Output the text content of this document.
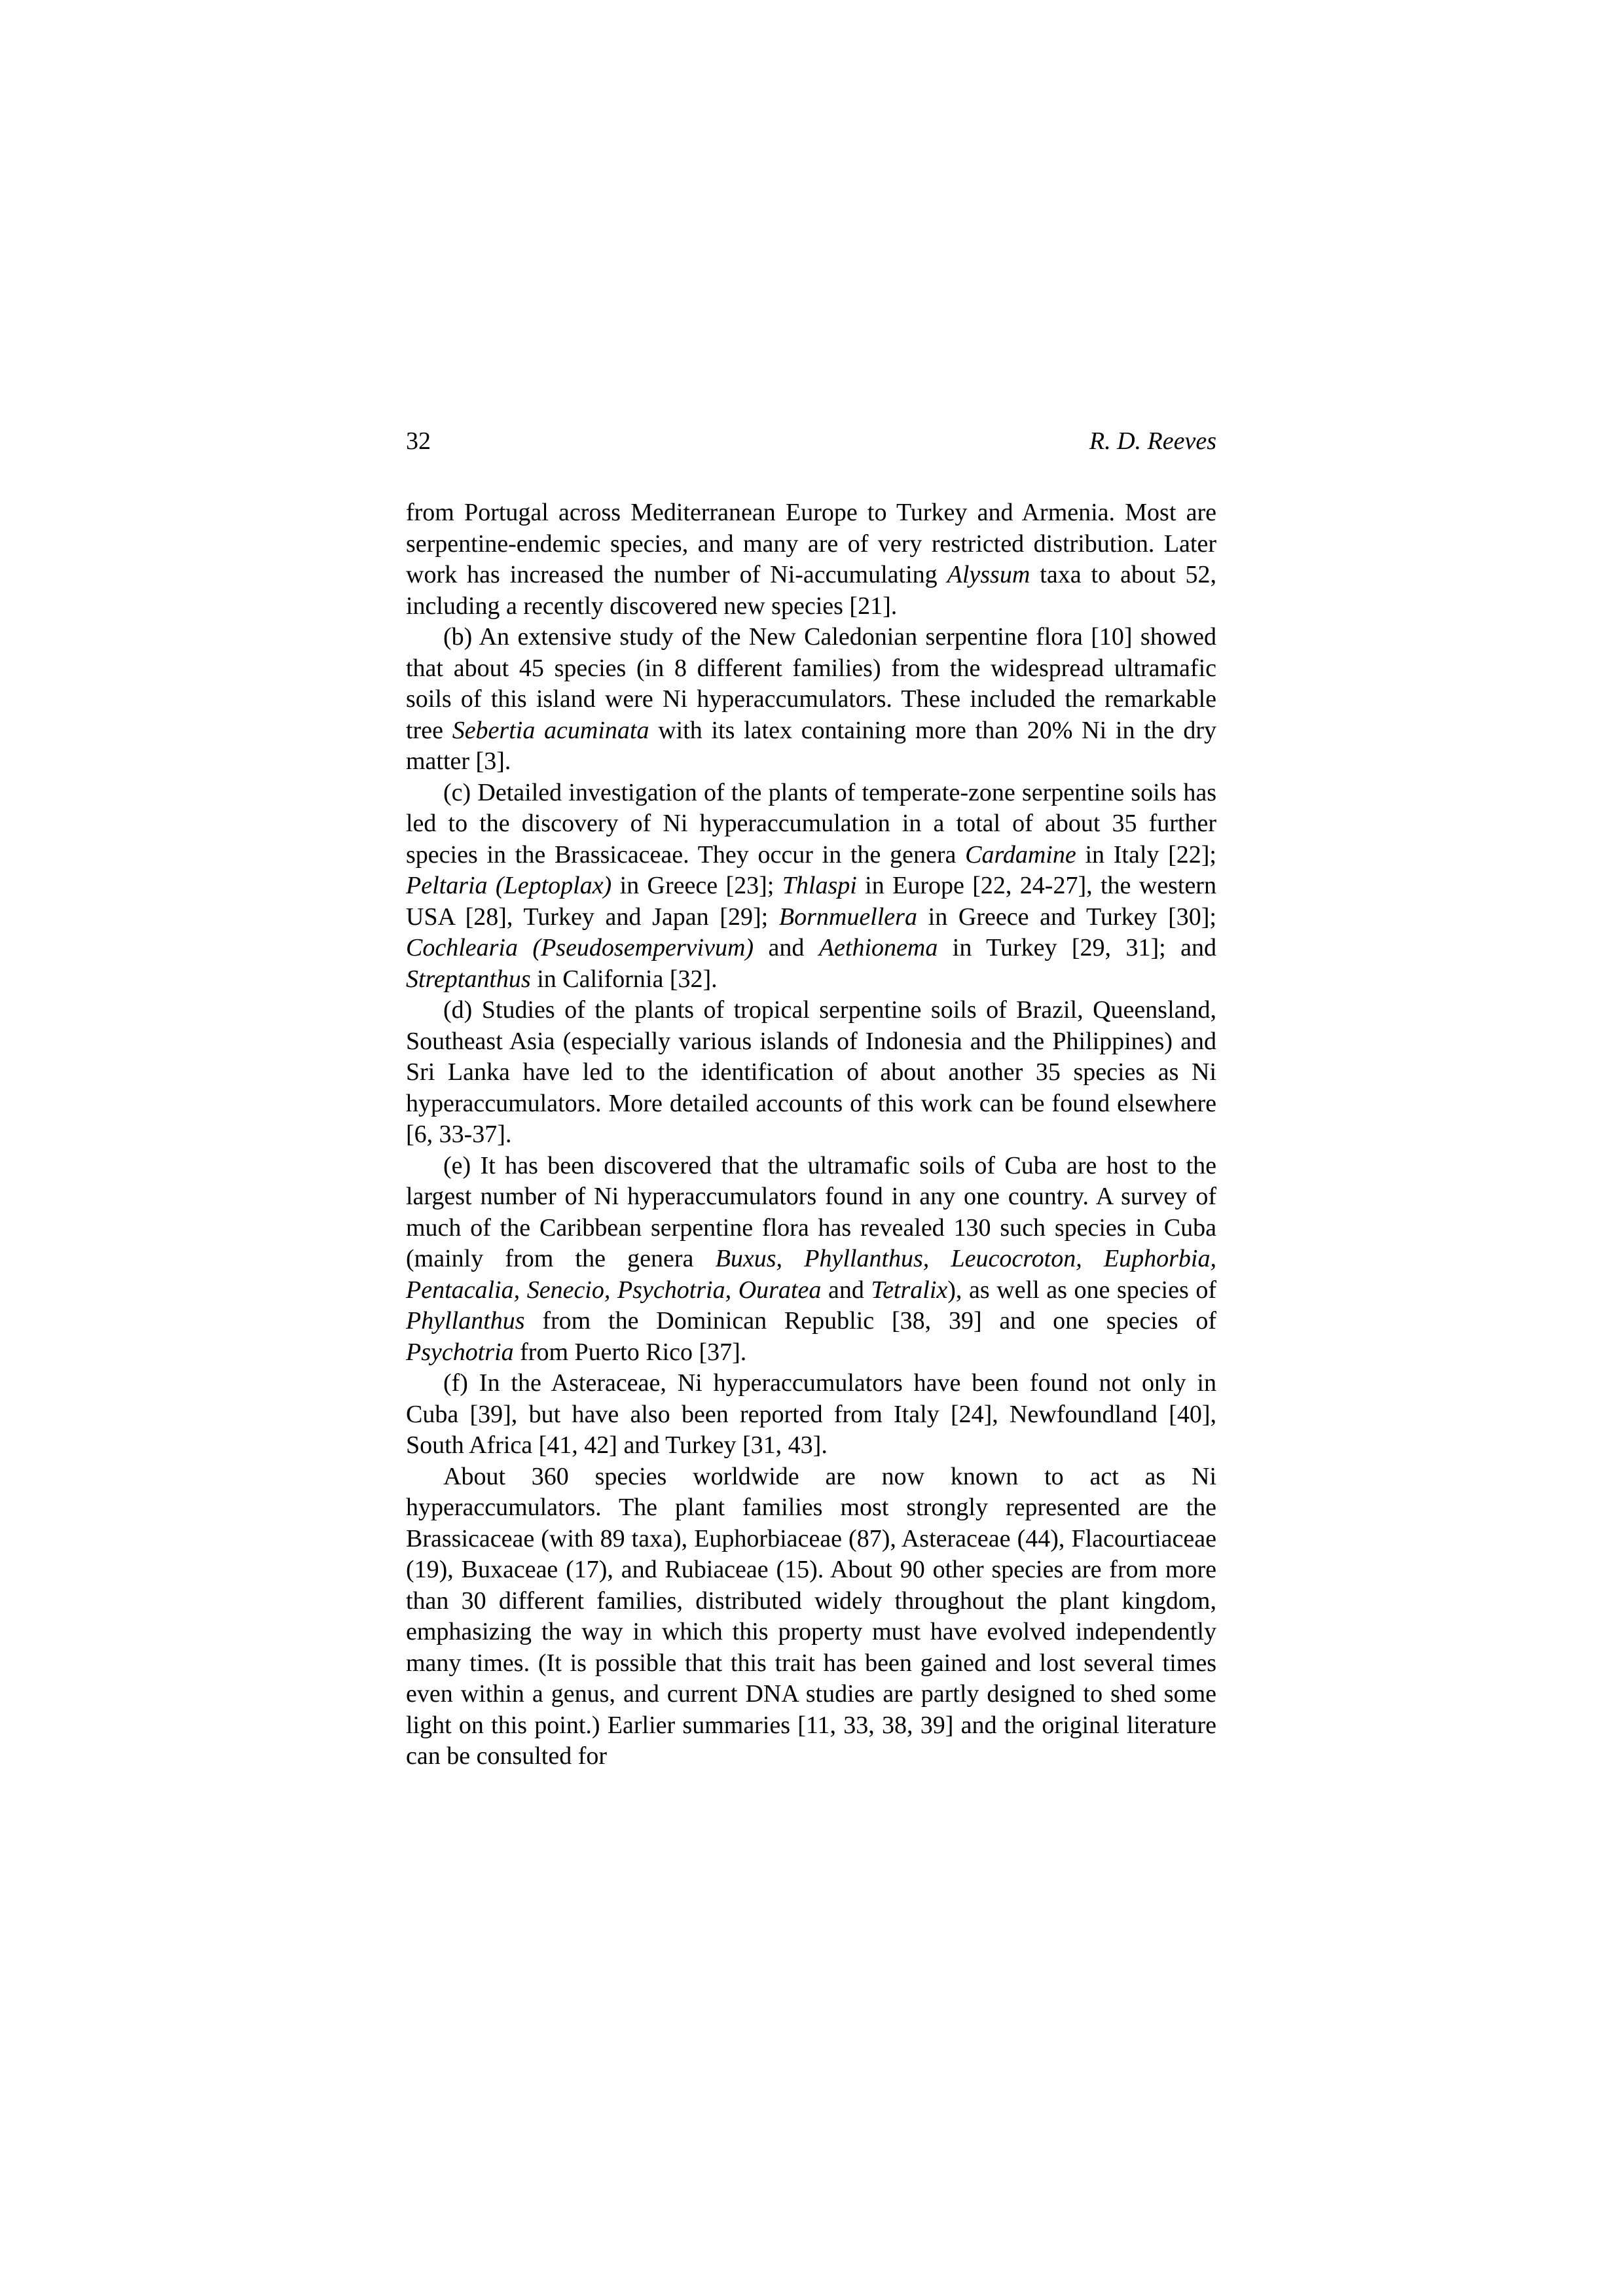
32	R. D. Reeves

from Portugal across Mediterranean Europe to Turkey and Armenia. Most are serpentine-endemic species, and many are of very restricted distribution. Later work has increased the number of Ni-accumulating Alyssum taxa to about 52, including a recently discovered new species [21].

(b) An extensive study of the New Caledonian serpentine flora [10] showed that about 45 species (in 8 different families) from the widespread ultramafic soils of this island were Ni hyperaccumulators. These included the remarkable tree Sebertia acuminata with its latex containing more than 20% Ni in the dry matter [3].

(c) Detailed investigation of the plants of temperate-zone serpentine soils has led to the discovery of Ni hyperaccumulation in a total of about 35 further species in the Brassicaceae. They occur in the genera Cardamine in Italy [22]; Peltaria (Leptoplax) in Greece [23]; Thlaspi in Europe [22, 24-27], the western USA [28], Turkey and Japan [29]; Bornmuellera in Greece and Turkey [30]; Cochlearia (Pseudosempervivum) and Aethionema in Turkey [29, 31]; and Streptanthus in California [32].

(d) Studies of the plants of tropical serpentine soils of Brazil, Queensland, Southeast Asia (especially various islands of Indonesia and the Philippines) and Sri Lanka have led to the identification of about another 35 species as Ni hyperaccumulators. More detailed accounts of this work can be found elsewhere [6, 33-37].

(e) It has been discovered that the ultramafic soils of Cuba are host to the largest number of Ni hyperaccumulators found in any one country. A survey of much of the Caribbean serpentine flora has revealed 130 such species in Cuba (mainly from the genera Buxus, Phyllanthus, Leucocroton, Euphorbia, Pentacalia, Senecio, Psychotria, Ouratea and Tetralix), as well as one species of Phyllanthus from the Dominican Republic [38, 39] and one species of Psychotria from Puerto Rico [37].

(f) In the Asteraceae, Ni hyperaccumulators have been found not only in Cuba [39], but have also been reported from Italy [24], Newfoundland [40], South Africa [41, 42] and Turkey [31, 43].

About 360 species worldwide are now known to act as Ni hyperaccumulators. The plant families most strongly represented are the Brassicaceae (with 89 taxa), Euphorbiaceae (87), Asteraceae (44), Flacourtiaceae (19), Buxaceae (17), and Rubiaceae (15). About 90 other species are from more than 30 different families, distributed widely throughout the plant kingdom, emphasizing the way in which this property must have evolved independently many times. (It is possible that this trait has been gained and lost several times even within a genus, and current DNA studies are partly designed to shed some light on this point.) Earlier summaries [11, 33, 38, 39] and the original literature can be consulted for
